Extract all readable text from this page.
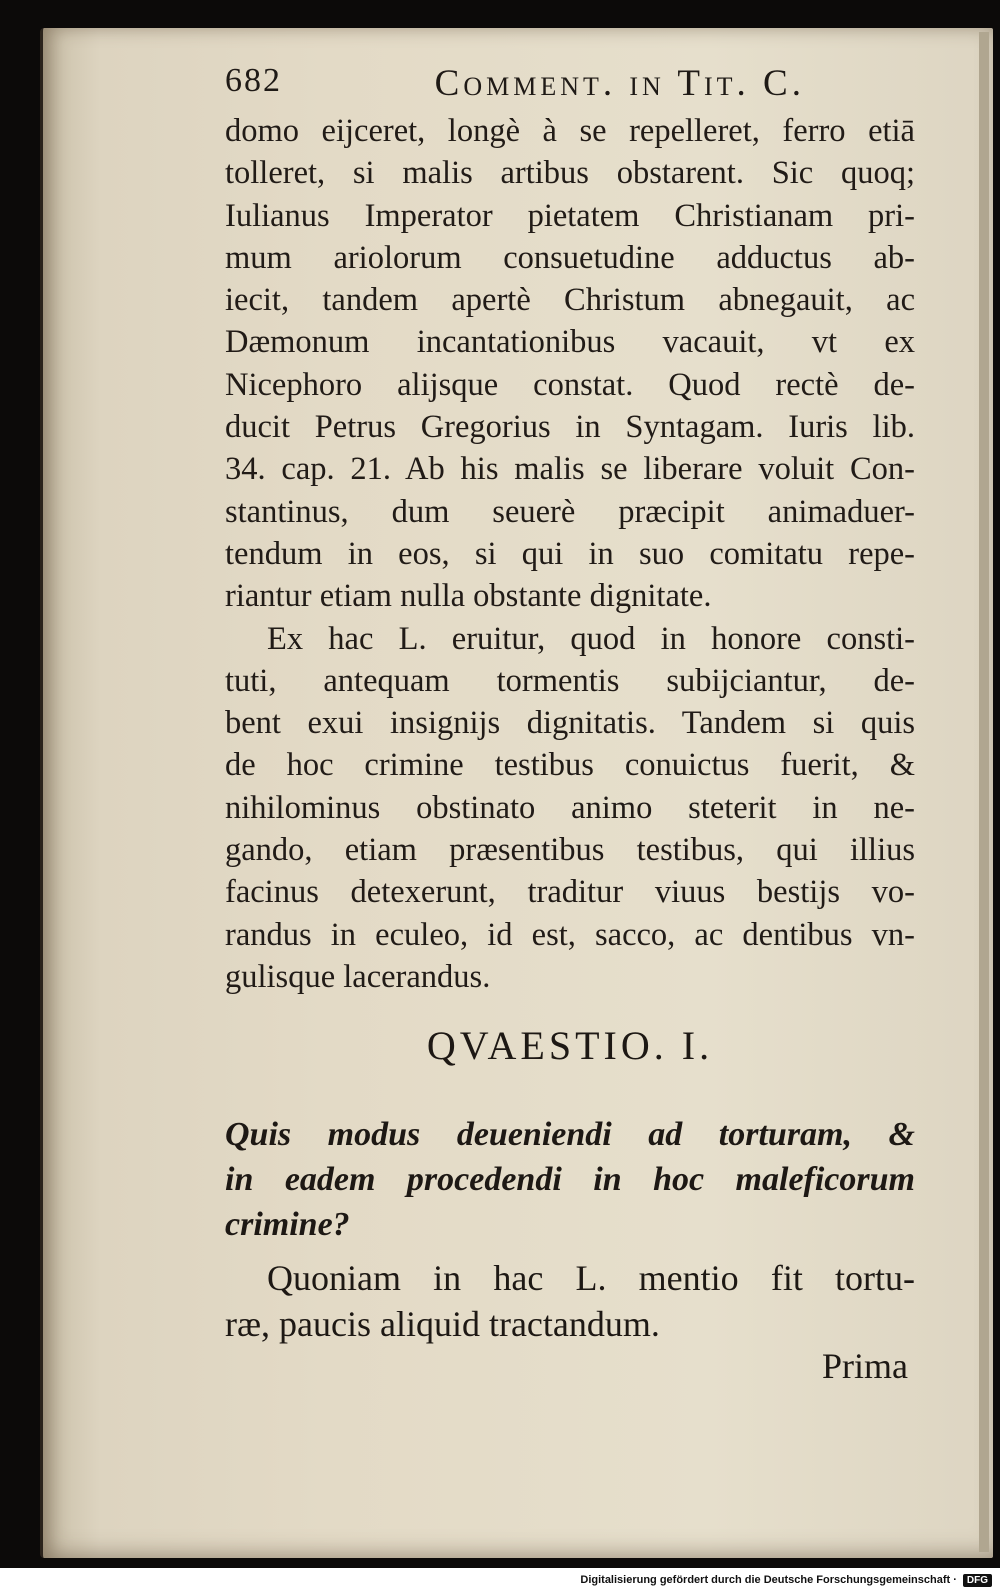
682	Comment. in Tit. C.
domo eijceret, longè à se repelleret, ferro etiā
tolleret, si malis artibus obstarent. Sic quoq;
Iulianus Imperator pietatem Christianam pri-
mum ariolorum consuetudine adductus ab-
iecit, tandem apertè Christum abnegauit, ac
Dæmonum incantationibus vacauit, vt ex
Nicephoro alijsque constat. Quod rectè de-
ducit Petrus Gregorius in Syntagam. Iuris lib.
34. cap. 21. Ab his malis se liberare voluit Con-
stantinus, dum seuerè præcipit animaduer-
tendum in eos, si qui in suo comitatu repe-
riantur etiam nulla obstante dignitate.
Ex hac L. eruitur, quod in honore consti-
tuti, antequam tormentis subijciantur, de-
bent exui insignijs dignitatis. Tandem si quis
de hoc crimine testibus conuictus fuerit, &
nihilominus obstinato animo steterit in ne-
gando, etiam præsentibus testibus, qui illius
facinus detexerunt, traditur viuus bestijs vo-
randus in eculeo, id est, sacco, ac dentibus vn-
gulisque lacerandus.
QVAESTIO. I.
Quis modus deueniendi ad torturam, &
in eadem procedendi in hoc maleficorum
crimine?
Quoniam in hac L. mentio fit tortu-
ræ, paucis aliquid tractandum.
Prima
Digitalisierung gefördert durch die Deutsche Forschungsgemeinschaft ·	DFG
